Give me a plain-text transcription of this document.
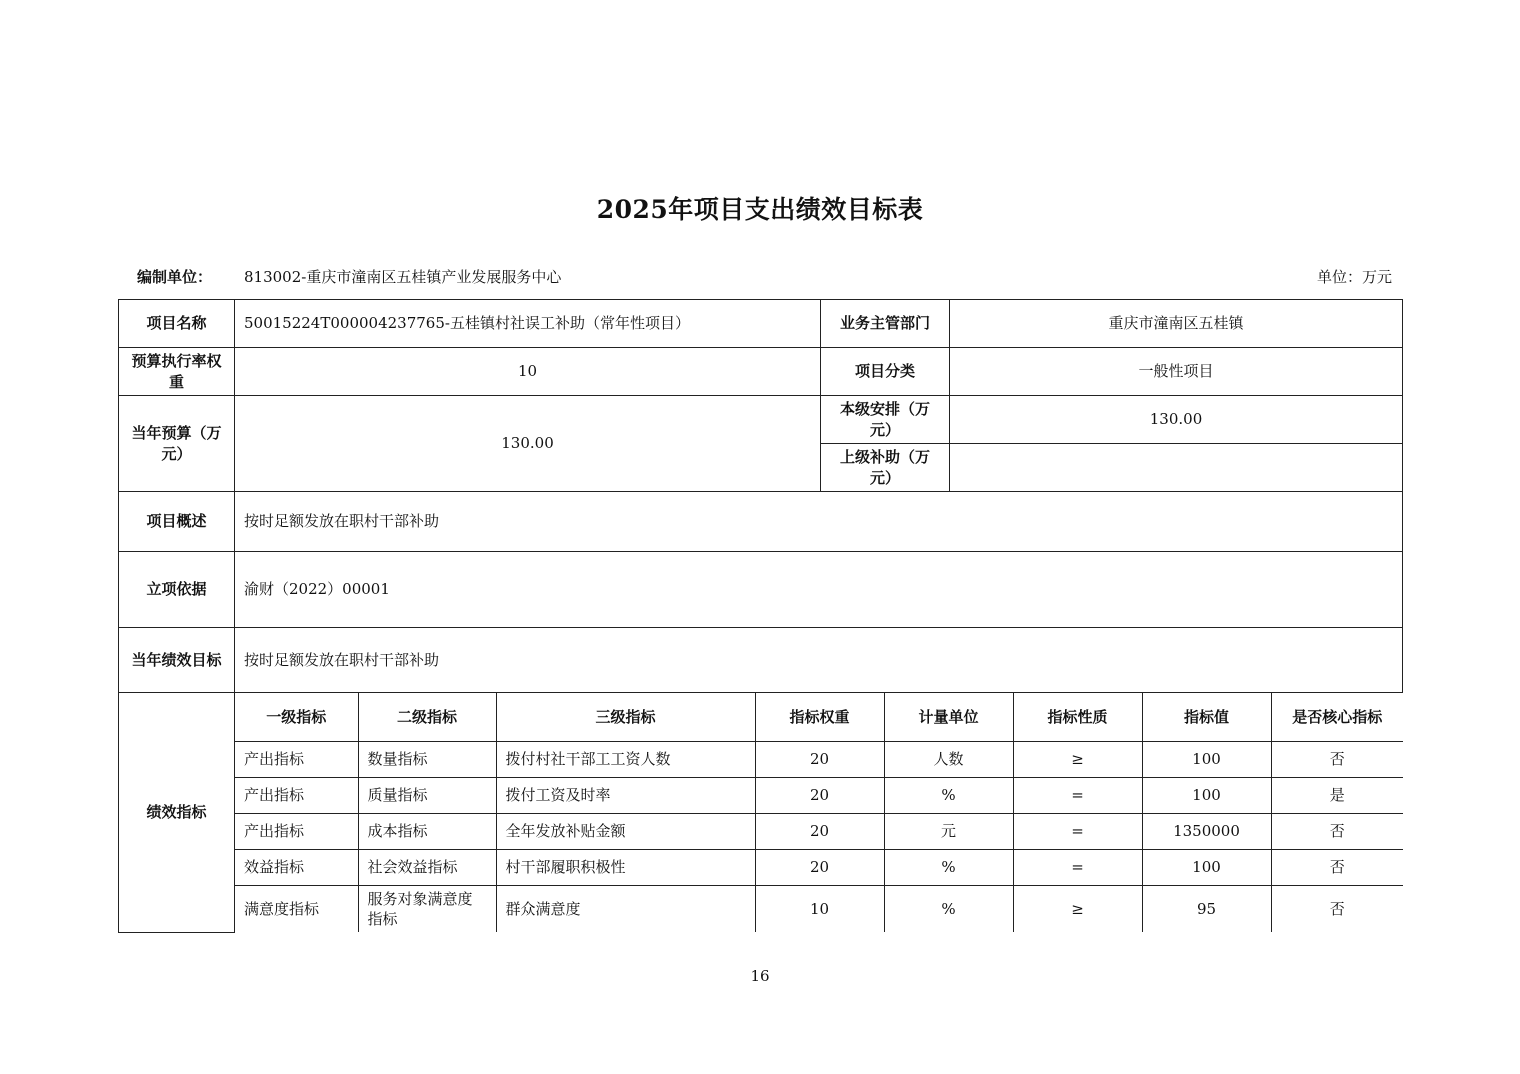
2025年项目支出绩效目标表
编制单位： 813002-重庆市潼南区五桂镇产业发展服务中心	单位：万元
项目名称	50015224T000004237765-五桂镇村社误工补助（常年性项目）	业务主管部门	重庆市潼南区五桂镇
预算执行率权重	10	项目分类	一般性项目
当年预算（万元）	130.00	本级安排（万元）	130.00
上级补助（万元）	
项目概述	按时足额发放在职村干部补助
立项依据	渝财（2022）00001
当年绩效目标	按时足额发放在职村干部补助
绩效指标	
一级指标	二级指标	三级指标	指标权重	计量单位	指标性质	指标值	是否核心指标
产出指标	数量指标	拨付村社干部工工资人数	20	人数	≥	100	否
产出指标	质量指标	拨付工资及时率	20	%	=	100	是
产出指标	成本指标	全年发放补贴金额	20	元	=	1350000	否
效益指标	社会效益指标	村干部履职积极性	20	%	=	100	否
满意度指标	服务对象满意度指标	群众满意度	10	%	≥	95	否
16
